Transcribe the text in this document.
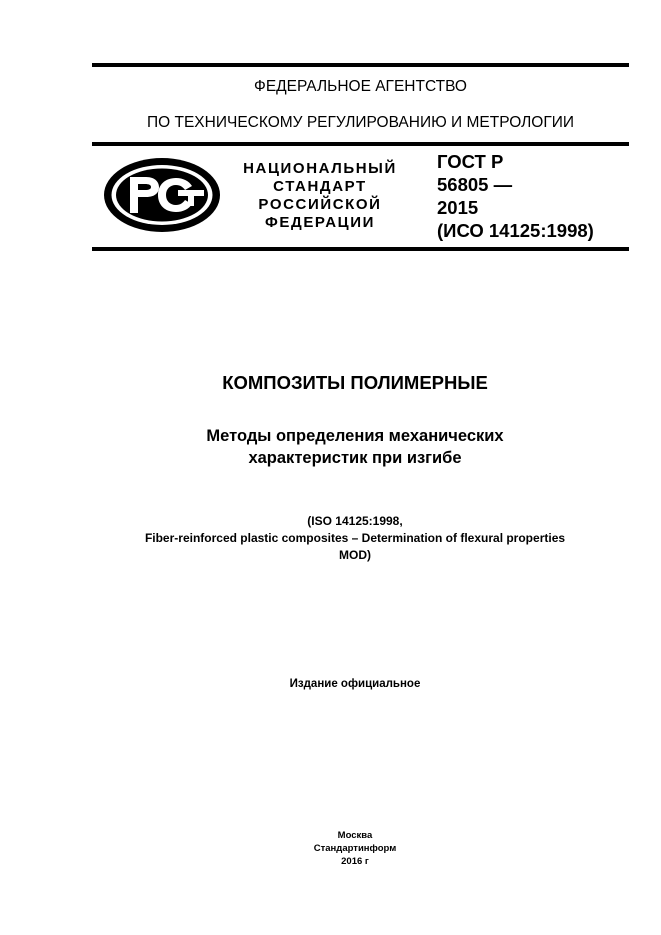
ФЕДЕРАЛЬНОЕ АГЕНТСТВО
ПО ТЕХНИЧЕСКОМУ РЕГУЛИРОВАНИЮ И МЕТРОЛОГИИ
НАЦИОНАЛЬНЫЙ
СТАНДАРТ
РОССИЙСКОЙ
ФЕДЕРАЦИИ
ГОСТ Р
56805 —
2015
(ИСО 14125:1998)
КОМПОЗИТЫ ПОЛИМЕРНЫЕ
Методы определения механических
характеристик при изгибе
(ISO 14125:1998,
Fiber-reinforced plastic composites – Determination of flexural properties
MOD)
Издание официальное
Москва
Стандартинформ
2016 г
